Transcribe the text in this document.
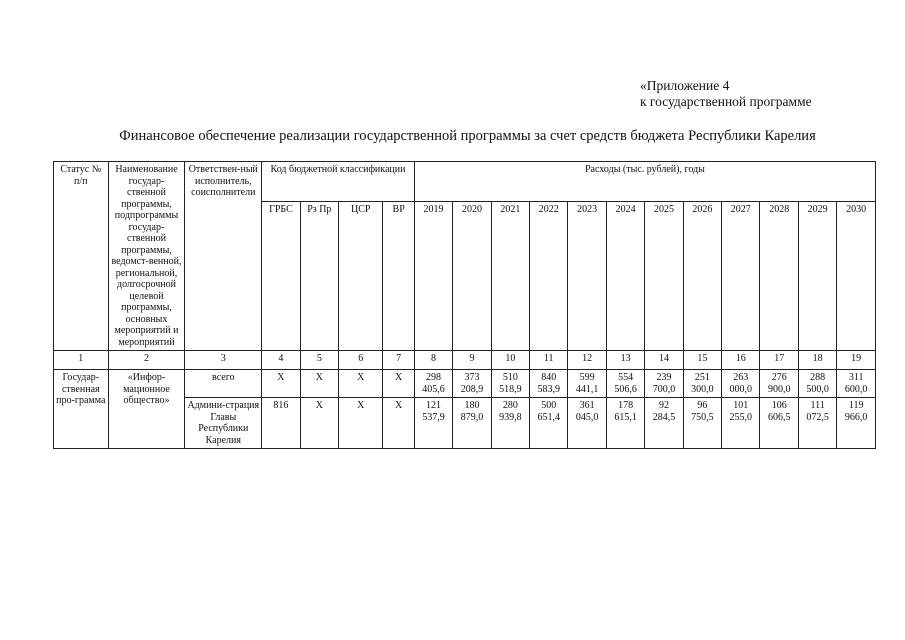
«Приложение 4
к государственной программе
Финансовое обеспечение реализации государственной программы за счет средств бюджета Республики Карелия
Статус № п/п	Наименование государ-ственной программы, подпрограммы государ-ственной программы, ведомст-венной, региональной, долгосрочной целевой программы, основных мероприятий и мероприятий	Ответствен-ный исполнитель, соисполнители	Код бюджетной классификации				Расходы (тыс. рублей), годы											
			ГРБС	Рз Пр	ЦСР	ВР	2019	2020	2021	2022	2023	2024	2025	2026	2027	2028	2029	2030
1	2	3	4	5	6	7	8	9	10	11	12	13	14	15	16	17	18	19
Государ-ственная про-грамма	«Инфор-мационное общество»	всего	Х	Х	Х	Х	298 405,6	373 208,9	510 518,9	840 583,9	599 441,1	554 506,6	239 700,0	251 300,0	263 000,0	276 900,0	288 500,0	311 600,0
		Админи-страция Главы Республики Карелия	816	Х	Х	Х	121 537,9	180 879,0	280 939,8	500 651,4	361 045,0	178 615,1	92 284,5	96 750,5	101 255,0	106 606,5	111 072,5	119 966,0
